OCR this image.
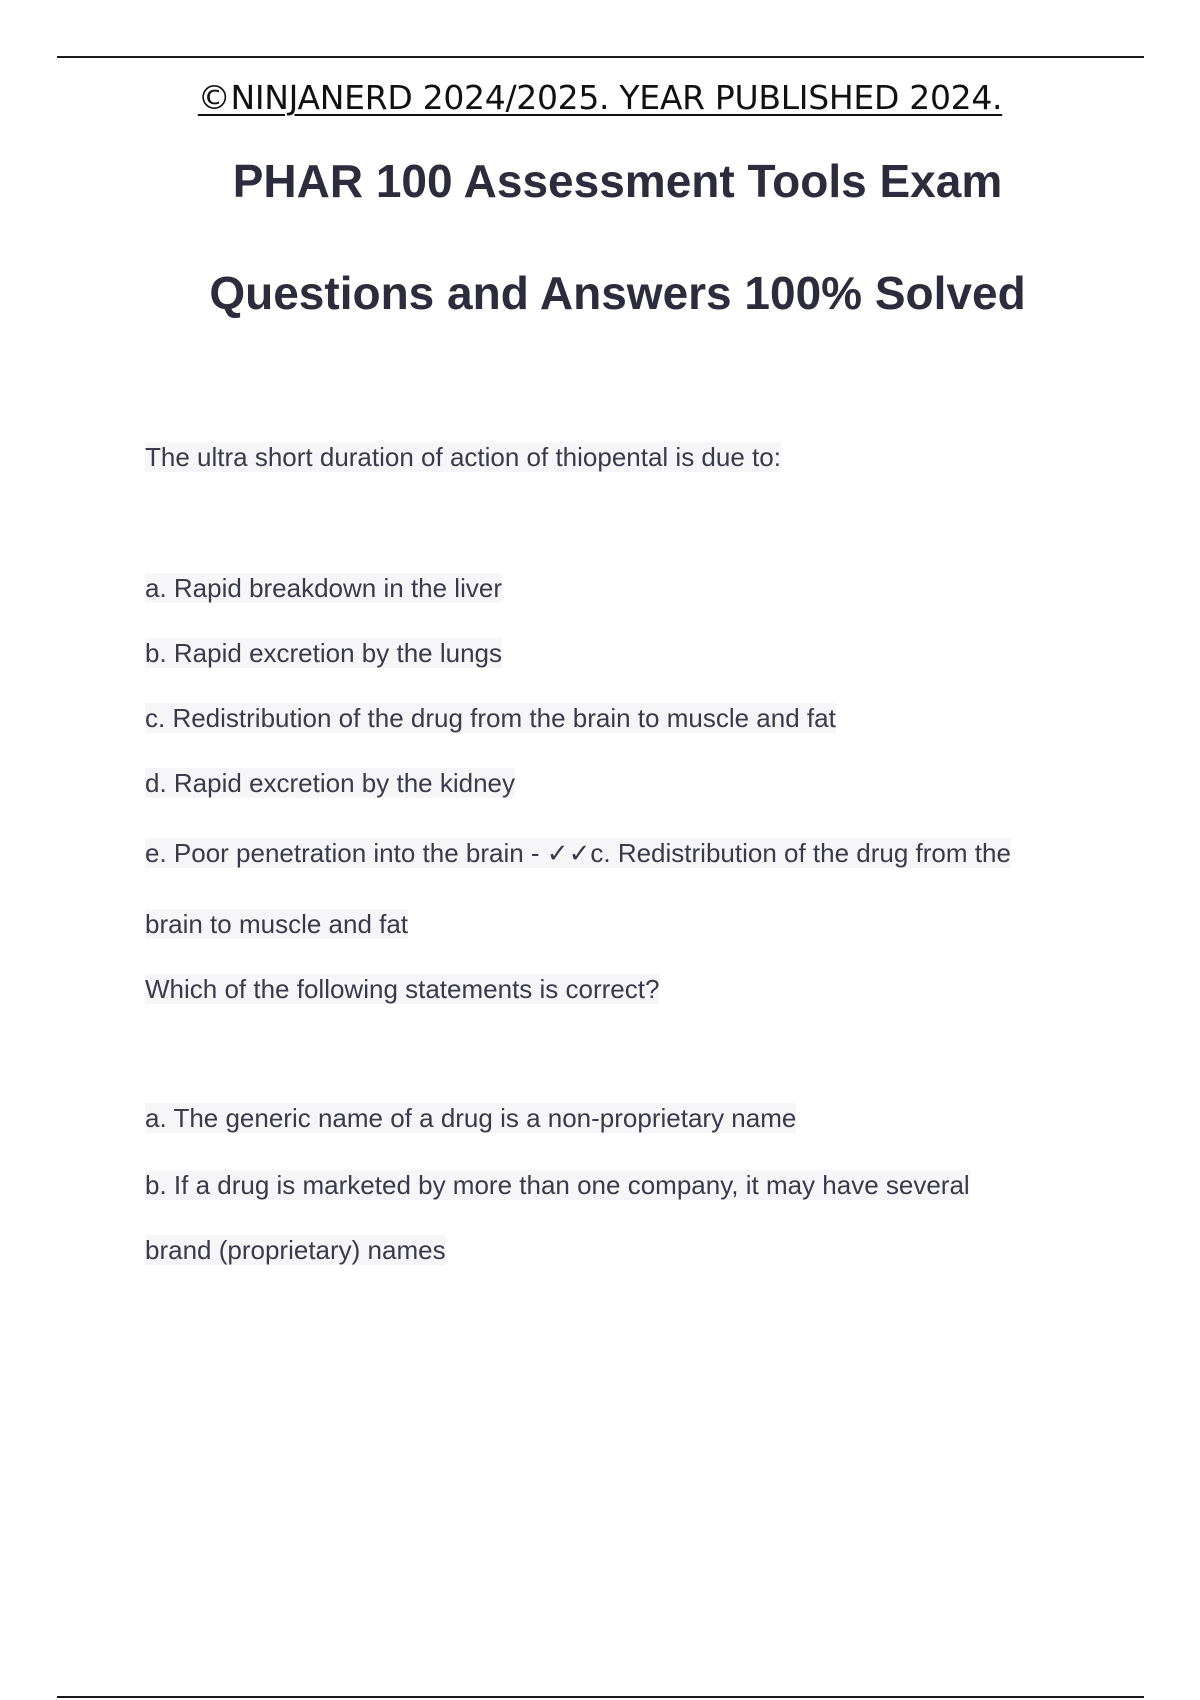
©NINJANERD 2024/2025. YEAR PUBLISHED 2024.
PHAR 100 Assessment Tools Exam
Questions and Answers 100% Solved
The ultra short duration of action of thiopental is due to:
a. Rapid breakdown in the liver
b. Rapid excretion by the lungs
c. Redistribution of the drug from the brain to muscle and fat
d. Rapid excretion by the kidney
e. Poor penetration into the brain - ✓✓c. Redistribution of the drug from the
brain to muscle and fat
Which of the following statements is correct?
a. The generic name of a drug is a non-proprietary name
b. If a drug is marketed by more than one company, it may have several
brand (proprietary) names
